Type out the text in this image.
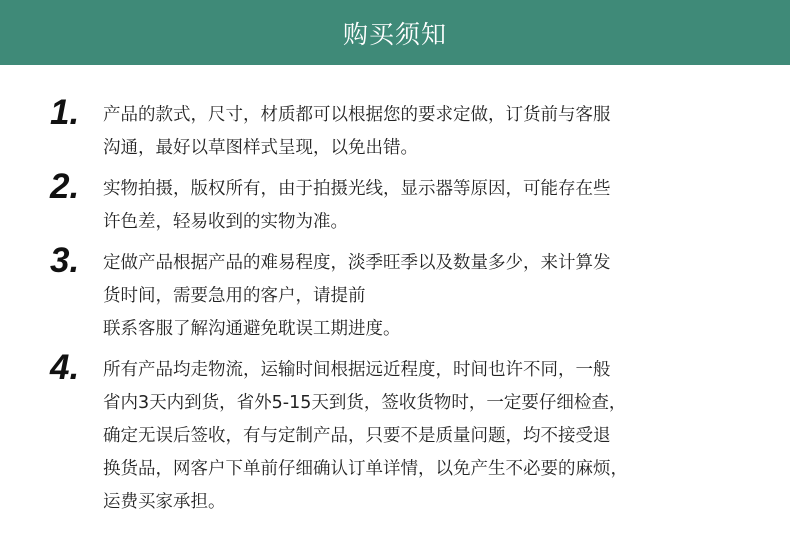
购买须知
1. 产品的款式，尺寸，材质都可以根据您的要求定做，订货前与客服
沟通，最好以草图样式呈现，以免出错。
2. 实物拍摄，版权所有，由于拍摄光线，显示器等原因，可能存在些
许色差，轻易收到的实物为准。
3. 定做产品根据产品的难易程度，淡季旺季以及数量多少，来计算发
货时间，需要急用的客户，请提前
联系客服了解沟通避免耽误工期进度。
4. 所有产品均走物流，运输时间根据远近程度，时间也许不同，一般
省内3天内到货，省外5-15天到货，签收货物时，一定要仔细检查，
确定无误后签收，有与定制产品，只要不是质量问题，均不接受退
换货品，网客户下单前仔细确认订单详情，以免产生不必要的麻烦，
运费买家承担。
